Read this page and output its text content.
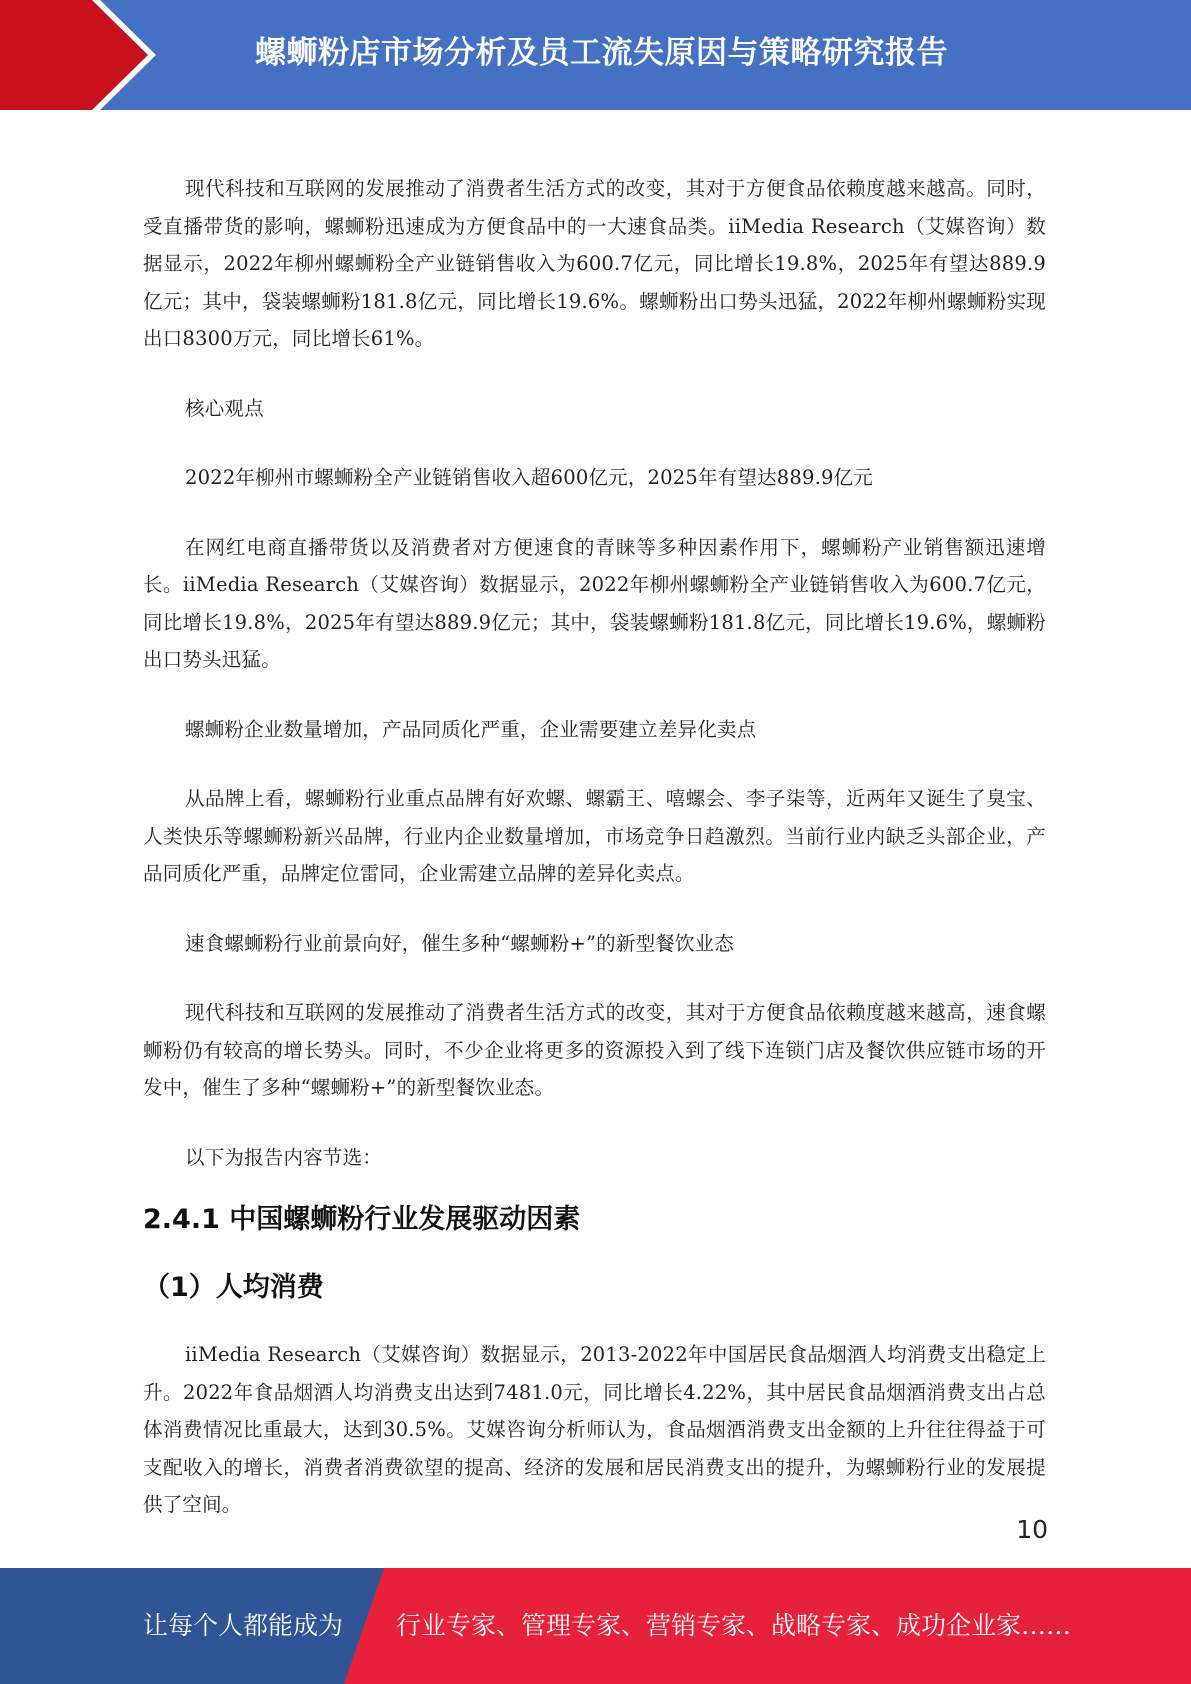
螺蛳粉店市场分析及员工流失原因与策略研究报告

现代科技和互联网的发展推动了消费者生活方式的改变，其对于方便食品依赖度越来越高。同时，受直播带货的影响，螺蛳粉迅速成为方便食品中的一大速食品类。iiMedia Research（艾媒咨询）数据显示，2022年柳州螺蛳粉全产业链销售收入为600.7亿元，同比增长19.8%，2025年有望达889.9亿元；其中，袋装螺蛳粉181.8亿元，同比增长19.6%。螺蛳粉出口势头迅猛，2022年柳州螺蛳粉实现出口8300万元，同比增长61%。

核心观点

2022年柳州市螺蛳粉全产业链销售收入超600亿元，2025年有望达889.9亿元

在网红电商直播带货以及消费者对方便速食的青睐等多种因素作用下，螺蛳粉产业销售额迅速增长。iiMedia Research（艾媒咨询）数据显示，2022年柳州螺蛳粉全产业链销售收入为600.7亿元，同比增长19.8%，2025年有望达889.9亿元；其中，袋装螺蛳粉181.8亿元，同比增长19.6%，螺蛳粉出口势头迅猛。

螺蛳粉企业数量增加，产品同质化严重，企业需要建立差异化卖点

从品牌上看，螺蛳粉行业重点品牌有好欢螺、螺霸王、嘻螺会、李子柒等，近两年又诞生了臭宝、人类快乐等螺蛳粉新兴品牌，行业内企业数量增加，市场竞争日趋激烈。当前行业内缺乏头部企业，产品同质化严重，品牌定位雷同，企业需建立品牌的差异化卖点。

速食螺蛳粉行业前景向好，催生多种“螺蛳粉+”的新型餐饮业态

现代科技和互联网的发展推动了消费者生活方式的改变，其对于方便食品依赖度越来越高，速食螺蛳粉仍有较高的增长势头。同时，不少企业将更多的资源投入到了线下连锁门店及餐饮供应链市场的开发中，催生了多种“螺蛳粉+”的新型餐饮业态。

以下为报告内容节选：

2.4.1 中国螺蛳粉行业发展驱动因素
（1）人均消费

iiMedia Research（艾媒咨询）数据显示，2013-2022年中国居民食品烟酒人均消费支出稳定上升。2022年食品烟酒人均消费支出达到7481.0元，同比增长4.22%，其中居民食品烟酒消费支出占总体消费情况比重最大，达到30.5%。艾媒咨询分析师认为，食品烟酒消费支出金额的上升往往得益于可支配收入的增长，消费者消费欲望的提高、经济的发展和居民消费支出的提升，为螺蛳粉行业的发展提供了空间。

10
让每个人都能成为 行业专家、管理专家、营销专家、战略专家、成功企业家……
